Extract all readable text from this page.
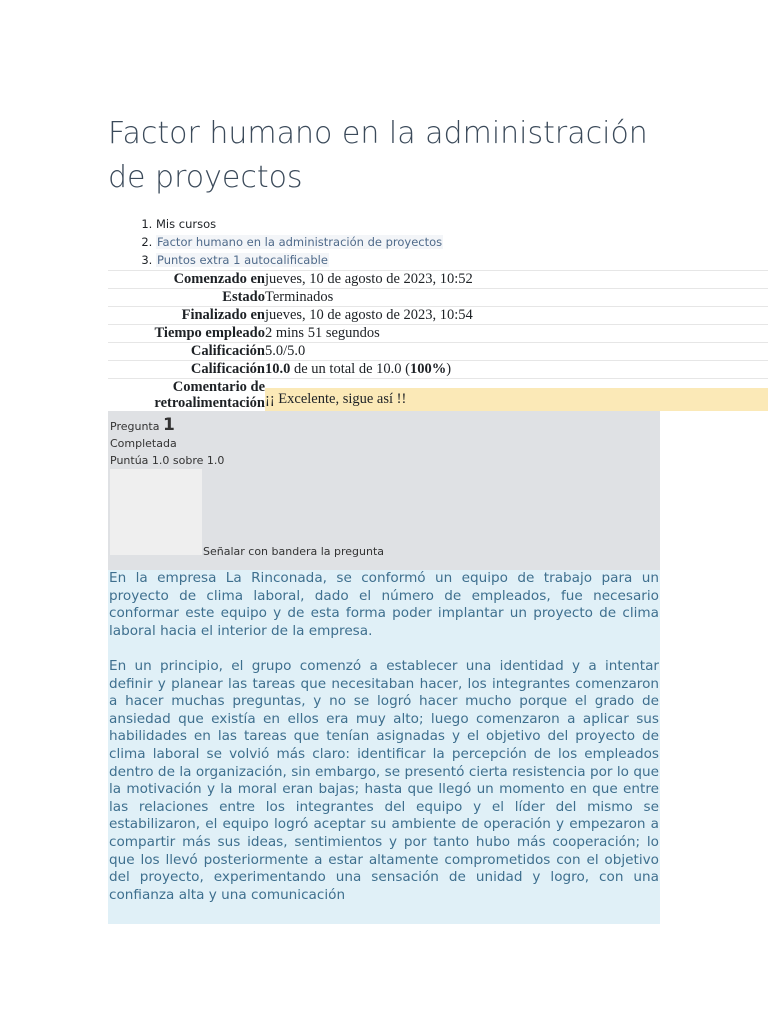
Factor humano en la administración de proyectos
1. Mis cursos
2. Factor humano en la administración de proyectos
3. Puntos extra 1 autocalificable
Comenzado en	jueves, 10 de agosto de 2023, 10:52
Estado	Terminados
Finalizado en	jueves, 10 de agosto de 2023, 10:54
Tiempo empleado	2 mins 51 segundos
Calificación	5.0/5.0
Calificación	10.0 de un total de 10.0 (100%)
Comentario de retroalimentación	¡¡ Excelente, sigue así !!
Pregunta 1
Completada
Puntúa 1.0 sobre 1.0
Señalar con bandera la pregunta

En la empresa La Rinconada, se conformó un equipo de trabajo para un proyecto de clima laboral, dado el número de empleados, fue necesario conformar este equipo y de esta forma poder implantar un proyecto de clima laboral hacia el interior de la empresa.

En un principio, el grupo comenzó a establecer una identidad y a intentar definir y planear las tareas que necesitaban hacer, los integrantes comenzaron a hacer muchas preguntas, y no se logró hacer mucho porque el grado de ansiedad que existía en ellos era muy alto; luego comenzaron a aplicar sus habilidades en las tareas que tenían asignadas y el objetivo del proyecto de clima laboral se volvió más claro: identificar la percepción de los empleados dentro de la organización, sin embargo, se presentó cierta resistencia por lo que la motivación y la moral eran bajas; hasta que llegó un momento en que entre las relaciones entre los integrantes del equipo y el líder del mismo se estabilizaron, el equipo logró aceptar su ambiente de operación y empezaron a compartir más sus ideas, sentimientos y por tanto hubo más cooperación; lo que los llevó posteriormente a estar altamente comprometidos con el objetivo del proyecto, experimentando una sensación de unidad y logro, con una confianza alta y una comunicación
